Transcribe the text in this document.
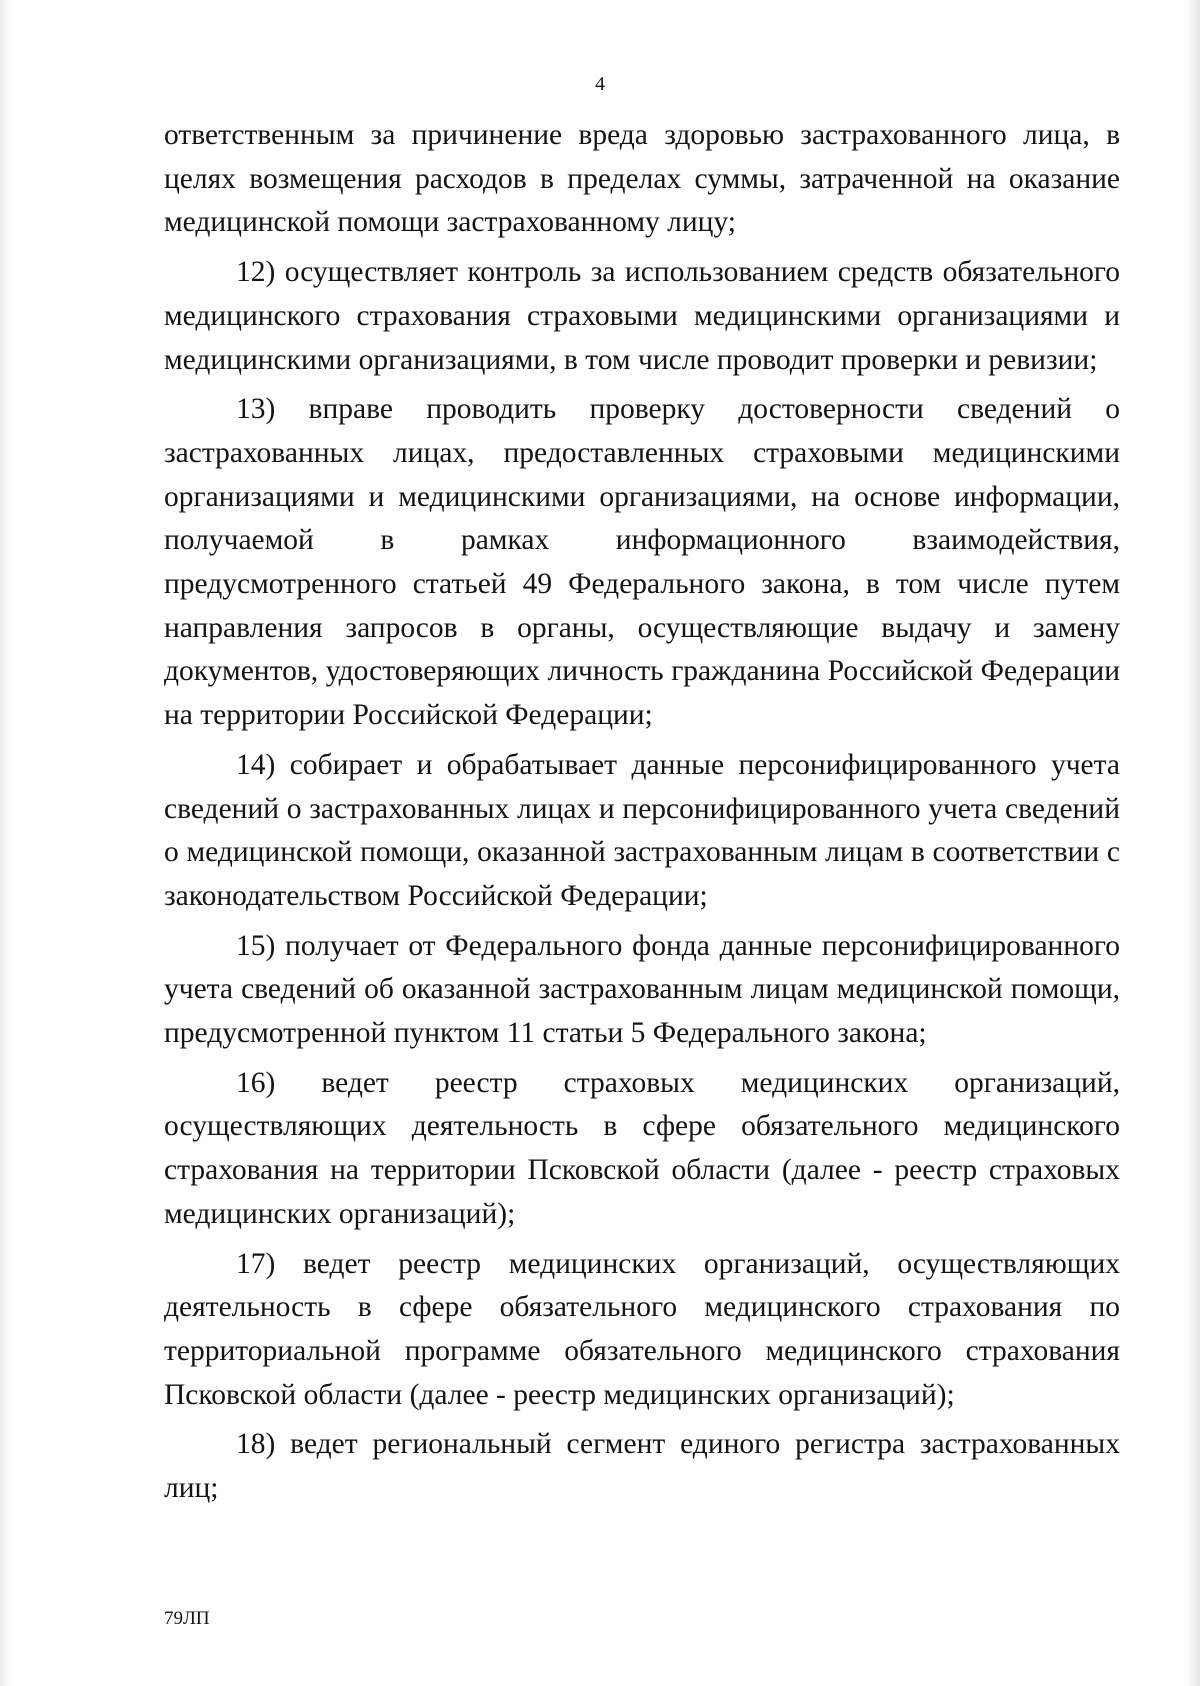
4

ответственным за причинение вреда здоровью застрахованного лица, в целях возмещения расходов в пределах суммы, затраченной на оказание медицинской помощи застрахованному лицу;

12) осуществляет контроль за использованием средств обязательного медицинского страхования страховыми медицинскими организациями и медицинскими организациями, в том числе проводит проверки и ревизии;

13) вправе проводить проверку достоверности сведений о застрахованных лицах, предоставленных страховыми медицинскими организациями и медицинскими организациями, на основе информации, получаемой в рамках информационного взаимодействия, предусмотренного статьей 49 Федерального закона, в том числе путем направления запросов в органы, осуществляющие выдачу и замену документов, удостоверяющих личность гражданина Российской Федерации на территории Российской Федерации;

14) собирает и обрабатывает данные персонифицированного учета сведений о застрахованных лицах и персонифицированного учета сведений о медицинской помощи, оказанной застрахованным лицам в соответствии с законодательством Российской Федерации;

15) получает от Федерального фонда данные персонифицированного учета сведений об оказанной застрахованным лицам медицинской помощи, предусмотренной пунктом 11 статьи 5 Федерального закона;

16) ведет реестр страховых медицинских организаций, осуществляющих деятельность в сфере обязательного медицинского страхования на территории Псковской области (далее - реестр страховых медицинских организаций);

17) ведет реестр медицинских организаций, осуществляющих деятельность в сфере обязательного медицинского страхования по территориальной программе обязательного медицинского страхования Псковской области (далее - реестр медицинских организаций);

18) ведет региональный сегмент единого регистра застрахованных лиц;

79ЛП
